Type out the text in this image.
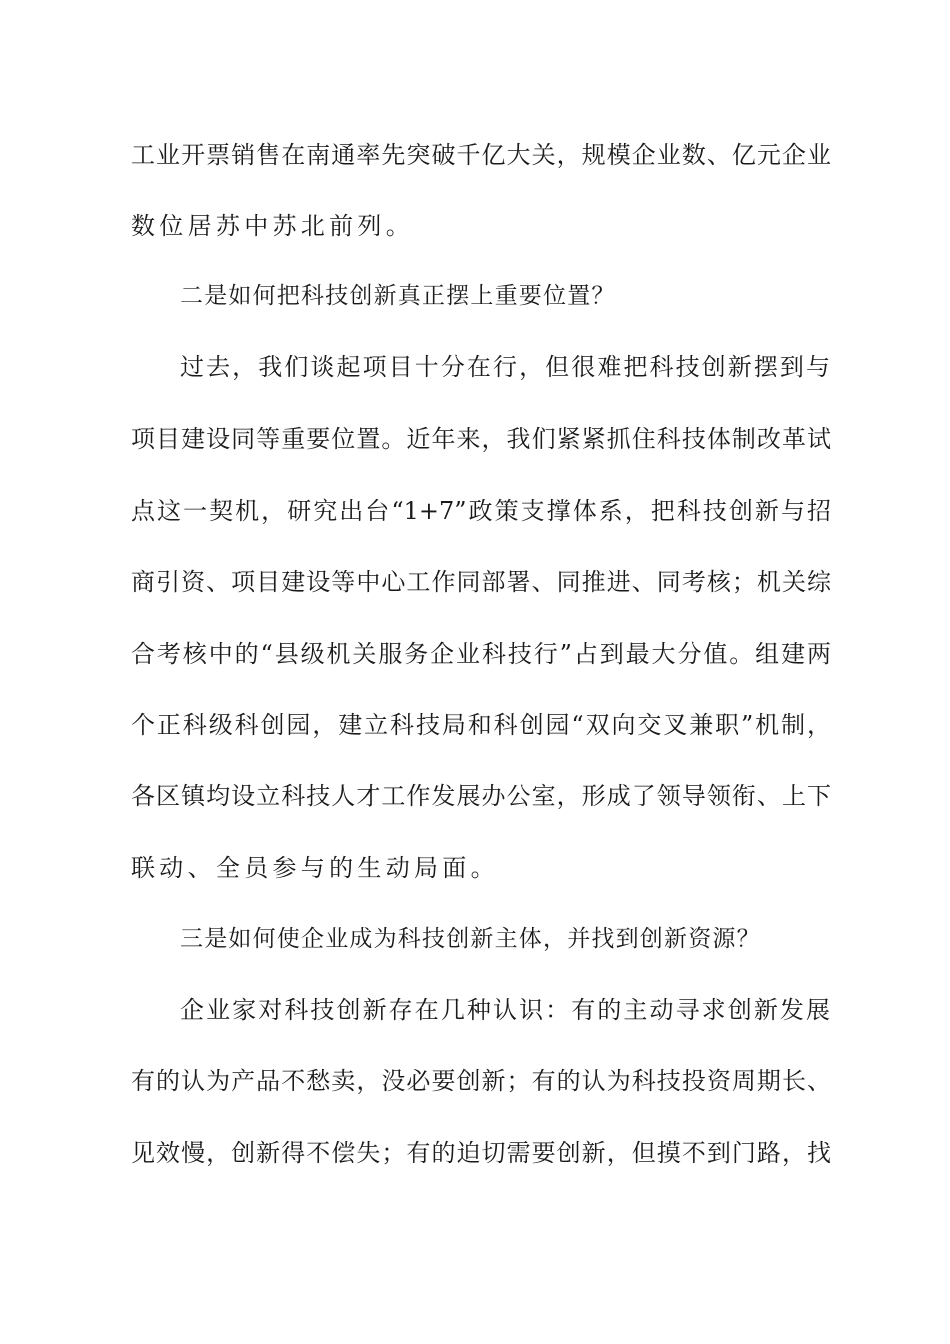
工业开票销售在南通率先突破千亿大关，规模企业数、亿元企业
数位居苏中苏北前列。
二是如何把科技创新真正摆上重要位置？
过去，我们谈起项目十分在行，但很难把科技创新摆到与
项目建设同等重要位置。近年来，我们紧紧抓住科技体制改革试
点这一契机，研究出台“1+7”政策支撑体系，把科技创新与招
商引资、项目建设等中心工作同部署、同推进、同考核；机关综
合考核中的“县级机关服务企业科技行”占到最大分值。组建两
个正科级科创园，建立科技局和科创园“双向交叉兼职”机制，
各区镇均设立科技人才工作发展办公室，形成了领导领衔、上下
联动、全员参与的生动局面。
三是如何使企业成为科技创新主体，并找到创新资源？
企业家对科技创新存在几种认识：有的主动寻求创新发展
有的认为产品不愁卖，没必要创新；有的认为科技投资周期长、
见效慢，创新得不偿失；有的迫切需要创新，但摸不到门路，找
